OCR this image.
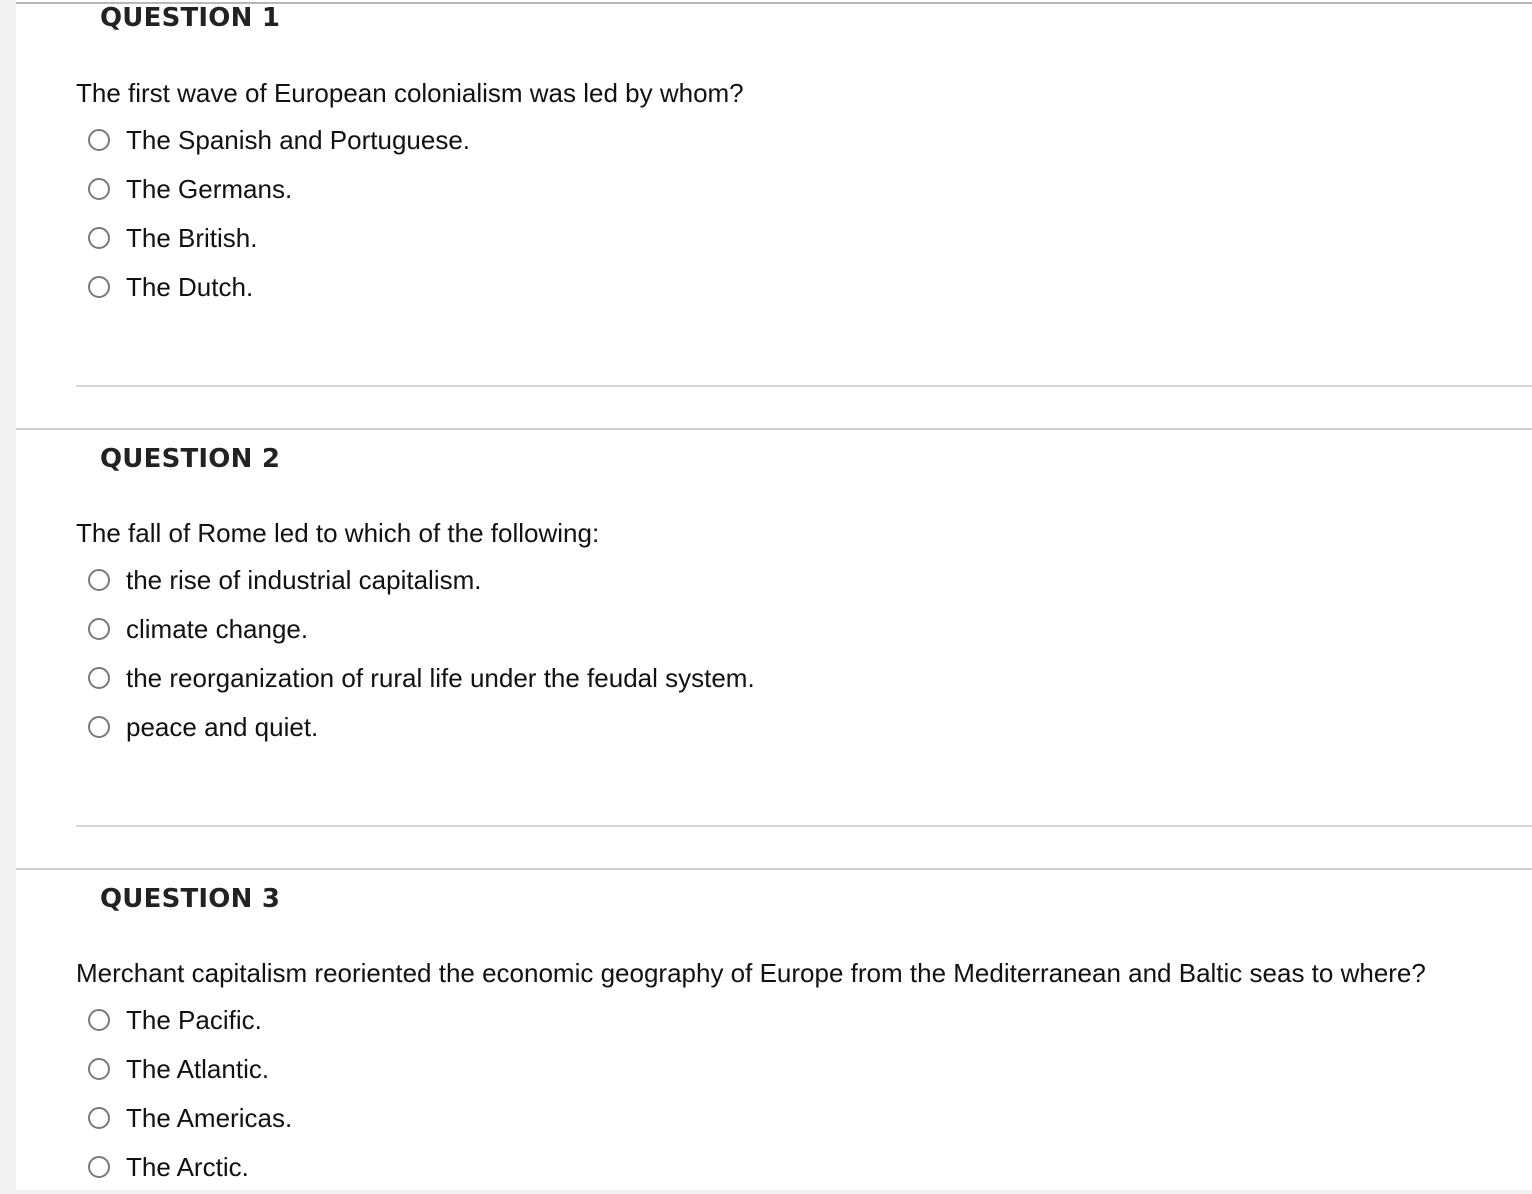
QUESTION 1
The first wave of European colonialism was led by whom?
The Spanish and Portuguese.
The Germans.
The British.
The Dutch.
QUESTION 2
The fall of Rome led to which of the following:
the rise of industrial capitalism.
climate change.
the reorganization of rural life under the feudal system.
peace and quiet.
QUESTION 3
Merchant capitalism reoriented the economic geography of Europe from the Mediterranean and Baltic seas to where?
The Pacific.
The Atlantic.
The Americas.
The Arctic.
